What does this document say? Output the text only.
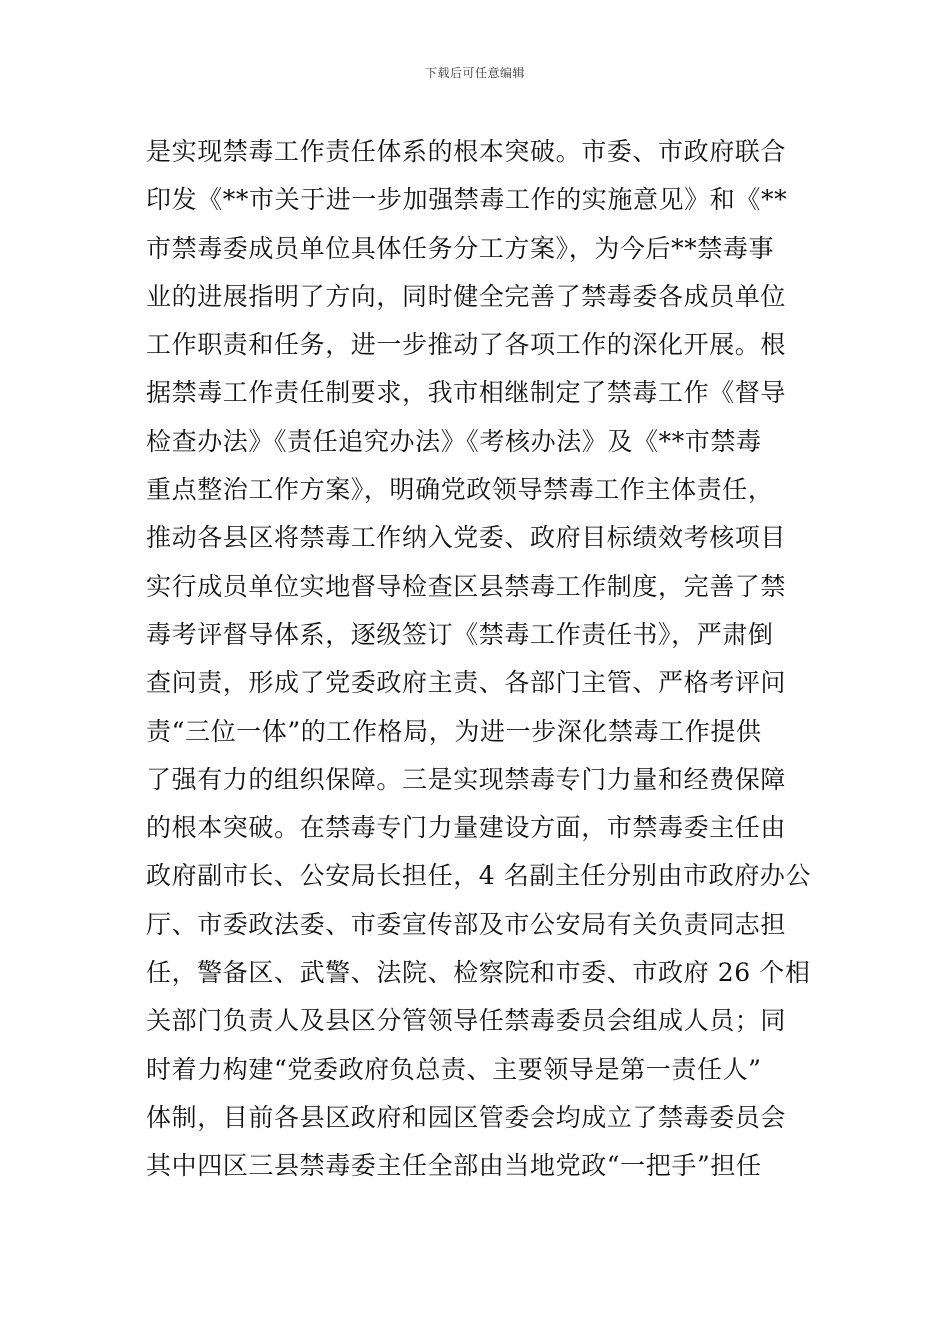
下载后可任意编辑
是实现禁毒工作责任体系的根本突破。市委、市政府联合
印发《**市关于进一步加强禁毒工作的实施意见》和《**
市禁毒委成员单位具体任务分工方案》，为今后**禁毒事
业的进展指明了方向，同时健全完善了禁毒委各成员单位
工作职责和任务，进一步推动了各项工作的深化开展。根
据禁毒工作责任制要求，我市相继制定了禁毒工作《督导
检查办法》《责任追究办法》《考核办法》及《**市禁毒
重点整治工作方案》，明确党政领导禁毒工作主体责任，
推动各县区将禁毒工作纳入党委、政府目标绩效考核项目
实行成员单位实地督导检查区县禁毒工作制度，完善了禁
毒考评督导体系，逐级签订《禁毒工作责任书》，严肃倒
查问责，形成了党委政府主责、各部门主管、严格考评问
责“三位一体”的工作格局，为进一步深化禁毒工作提供
了强有力的组织保障。三是实现禁毒专门力量和经费保障
的根本突破。在禁毒专门力量建设方面，市禁毒委主任由
政府副市长、公安局长担任，4 名副主任分别由市政府办公
厅、市委政法委、市委宣传部及市公安局有关负责同志担
任，警备区、武警、法院、检察院和市委、市政府 26 个相
关部门负责人及县区分管领导任禁毒委员会组成人员；同
时着力构建“党委政府负总责、主要领导是第一责任人”
体制，目前各县区政府和园区管委会均成立了禁毒委员会
其中四区三县禁毒委主任全部由当地党政“一把手”担任
